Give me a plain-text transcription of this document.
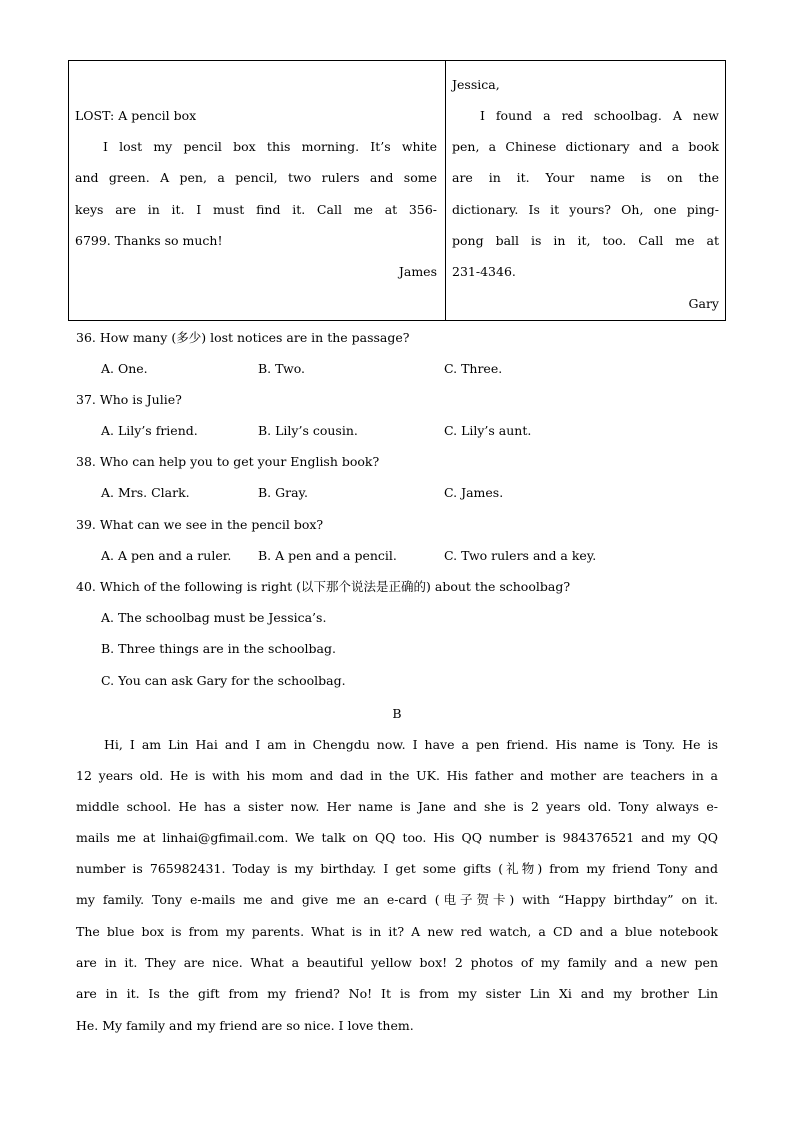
LOST: A pencil box
I lost my pencil box this morning. It’s white
and green. A pen, a pencil, two rulers and some
keys are in it. I must find it. Call me at 356-
6799. Thanks so much!
James
Jessica,
I found a red schoolbag. A new
pen, a Chinese dictionary and a book
are in it. Your name is on the
dictionary. Is it yours? Oh, one ping-
pong ball is in it, too. Call me at
231-4346.
Gary
36. How many (多少) lost notices are in the passage?
A. One.	B. Two.	C. Three.
37. Who is Julie?
A. Lily’s friend.	B. Lily’s cousin.	C. Lily’s aunt.
38. Who can help you to get your English book?
A. Mrs. Clark.	B. Gray.	C. James.
39. What can we see in the pencil box?
A. A pen and a ruler. B. A pen and a pencil.	C. Two rulers and a key.
40. Which of the following is right (以下那个说法是正确的) about the schoolbag?
A. The schoolbag must be Jessica’s.
B. Three things are in the schoolbag.
C. You can ask Gary for the schoolbag.
B
Hi, I am Lin Hai and I am in Chengdu now. I have a pen friend. His name is Tony. He is
12 years old. He is with his mom and dad in the UK. His father and mother are teachers in a
middle school. He has a sister now. Her name is Jane and she is 2 years old. Tony always e-
mails me at linhai@gfimail.com. We talk on QQ too. His QQ number is 984376521 and my QQ
number is 765982431. Today is my birthday. I get some gifts (礼物) from my friend Tony and
my family. Tony e-mails me and give me an e-card (电子贺卡) with “Happy birthday” on it.
The blue box is from my parents. What is in it? A new red watch, a CD and a blue notebook
are in it. They are nice. What a beautiful yellow box! 2 photos of my family and a new pen
are in it. Is the gift from my friend? No! It is from my sister Lin Xi and my brother Lin
He. My family and my friend are so nice. I love them.
